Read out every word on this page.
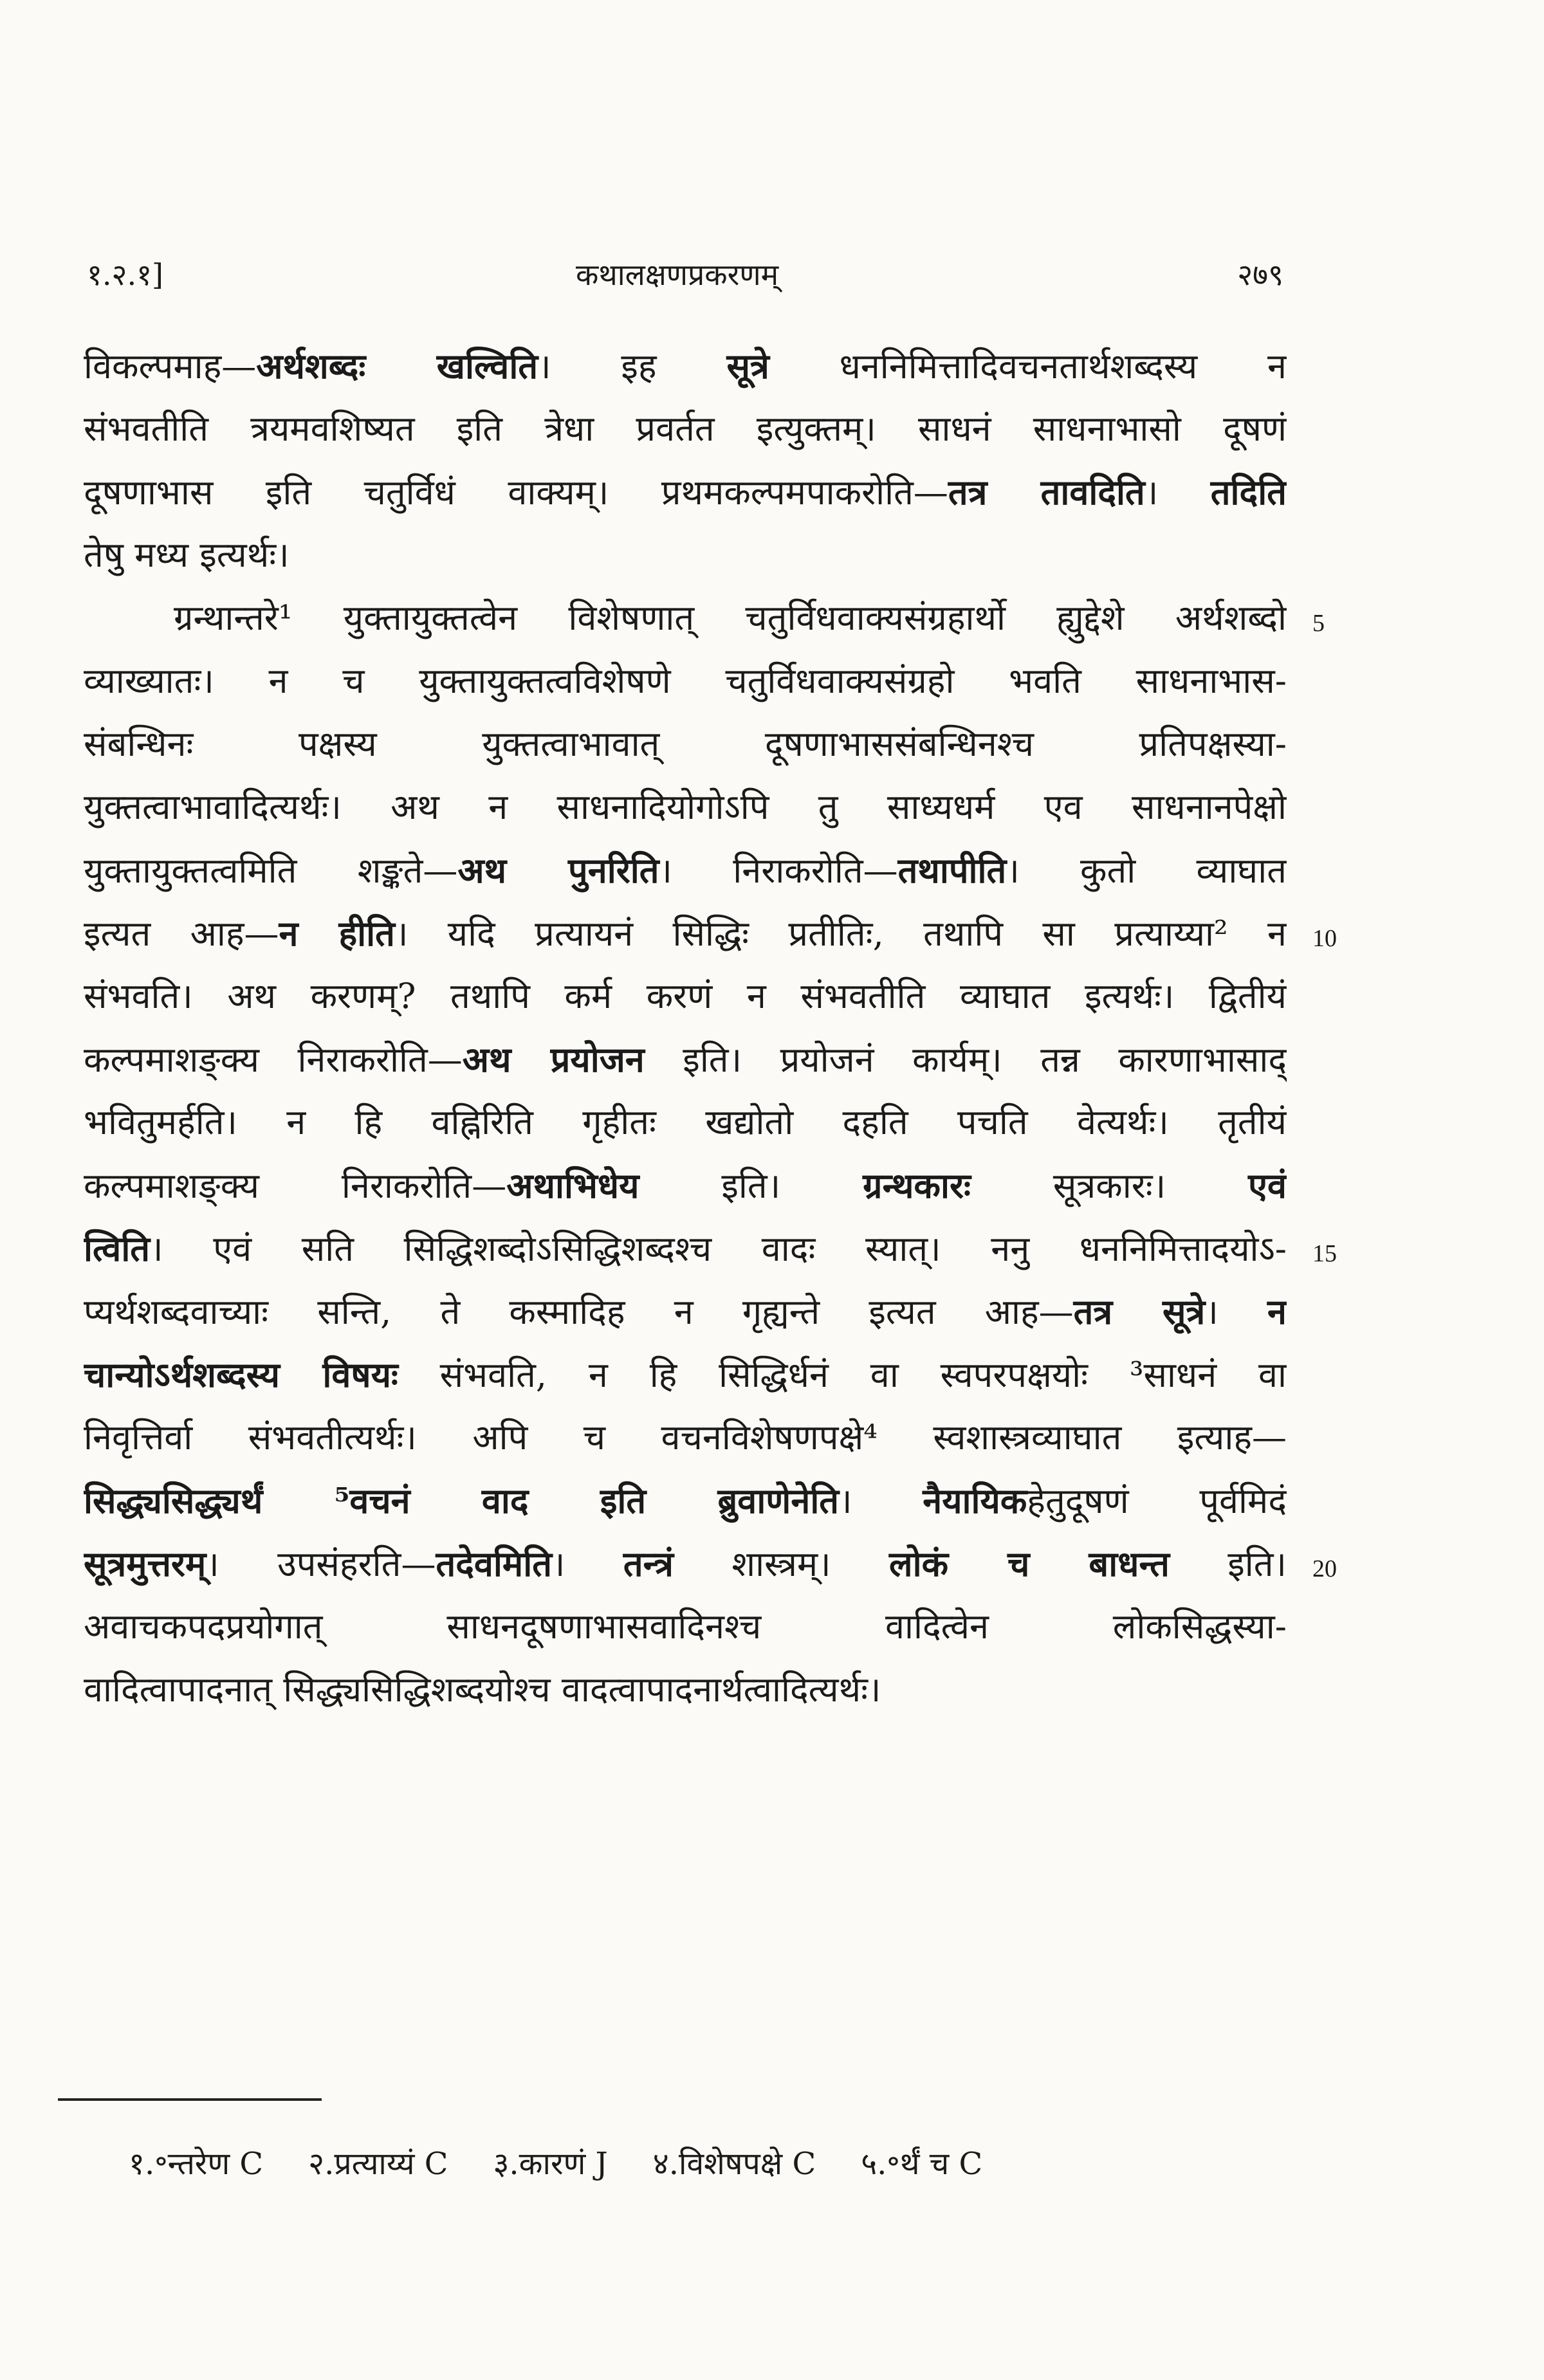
१.२.१]	कथालक्षणप्रकरणम्	२७९
विकल्पमाह—अर्थशब्दः खल्विति। इह सूत्रे धननिमित्तादिवचनतार्थशब्दस्य न
संभवतीति त्रयमवशिष्यत इति त्रेधा प्रवर्तत इत्युक्तम्। साधनं साधनाभासो दूषणं
दूषणाभास इति चतुर्विधं वाक्यम्। प्रथमकल्पमपाकरोति—तत्र तावदिति। तदिति
तेषु मध्य इत्यर्थः।
ग्रन्थान्तरे¹ युक्तायुक्तत्वेन विशेषणात् चतुर्विधवाक्यसंग्रहार्थो ह्युद्देशे अर्थशब्दो
व्याख्यातः। न च युक्तायुक्तत्वविशेषणे चतुर्विधवाक्यसंग्रहो भवति साधनाभास-
संबन्धिनः पक्षस्य युक्तत्वाभावात् दूषणाभाससंबन्धिनश्च प्रतिपक्षस्या-
युक्तत्वाभावादित्यर्थः। अथ न साधनादियोगोऽपि तु साध्यधर्म एव साधनानपेक्षो
युक्तायुक्तत्वमिति शङ्कते—अथ पुनरिति। निराकरोति—तथापीति। कुतो व्याघात
इत्यत आह—न हीति। यदि प्रत्यायनं सिद्धिः प्रतीतिः, तथापि सा प्रत्याय्या² न
संभवति। अथ करणम्? तथापि कर्म करणं न संभवतीति व्याघात इत्यर्थः। द्वितीयं
कल्पमाशङ्क्य निराकरोति—अथ प्रयोजन इति। प्रयोजनं कार्यम्। तन्न कारणाभासाद्
भवितुमर्हति। न हि वह्निरिति गृहीतः खद्योतो दहति पचति वेत्यर्थः। तृतीयं
कल्पमाशङ्क्य निराकरोति—अथाभिधेय इति। ग्रन्थकारः सूत्रकारः। एवं
त्विति। एवं सति सिद्धिशब्दोऽसिद्धिशब्दश्च वादः स्यात्। ननु धननिमित्तादयोऽ-
प्यर्थशब्दवाच्याः सन्ति, ते कस्मादिह न गृह्यन्ते इत्यत आह—तत्र सूत्रे। न
चान्योऽर्थशब्दस्य विषयः संभवति, न हि सिद्धिर्धनं वा स्वपरपक्षयोः ³साधनं वा
निवृत्तिर्वा संभवतीत्यर्थः। अपि च वचनविशेषणपक्षे⁴ स्वशास्त्रव्याघात इत्याह—
सिद्ध्यसिद्ध्यर्थं ⁵वचनं वाद इति ब्रुवाणेनेति। नैयायिकहेतुदूषणं पूर्वमिदं
सूत्रमुत्तरम्। उपसंहरति—तदेवमिति। तन्त्रं शास्त्रम्। लोकं च बाधन्त इति।
अवाचकपदप्रयोगात् साधनदूषणाभासवादिनश्च वादित्वेन लोकसिद्धस्या-
वादित्वापादनात् सिद्ध्यसिद्धिशब्दयोश्च वादत्वापादनार्थत्वादित्यर्थः।
5
10
15
20
१.॰न्तरेण C २.प्रत्याय्यं C ३.कारणं J ४.विशेषपक्षे C ५.॰र्थं च C
